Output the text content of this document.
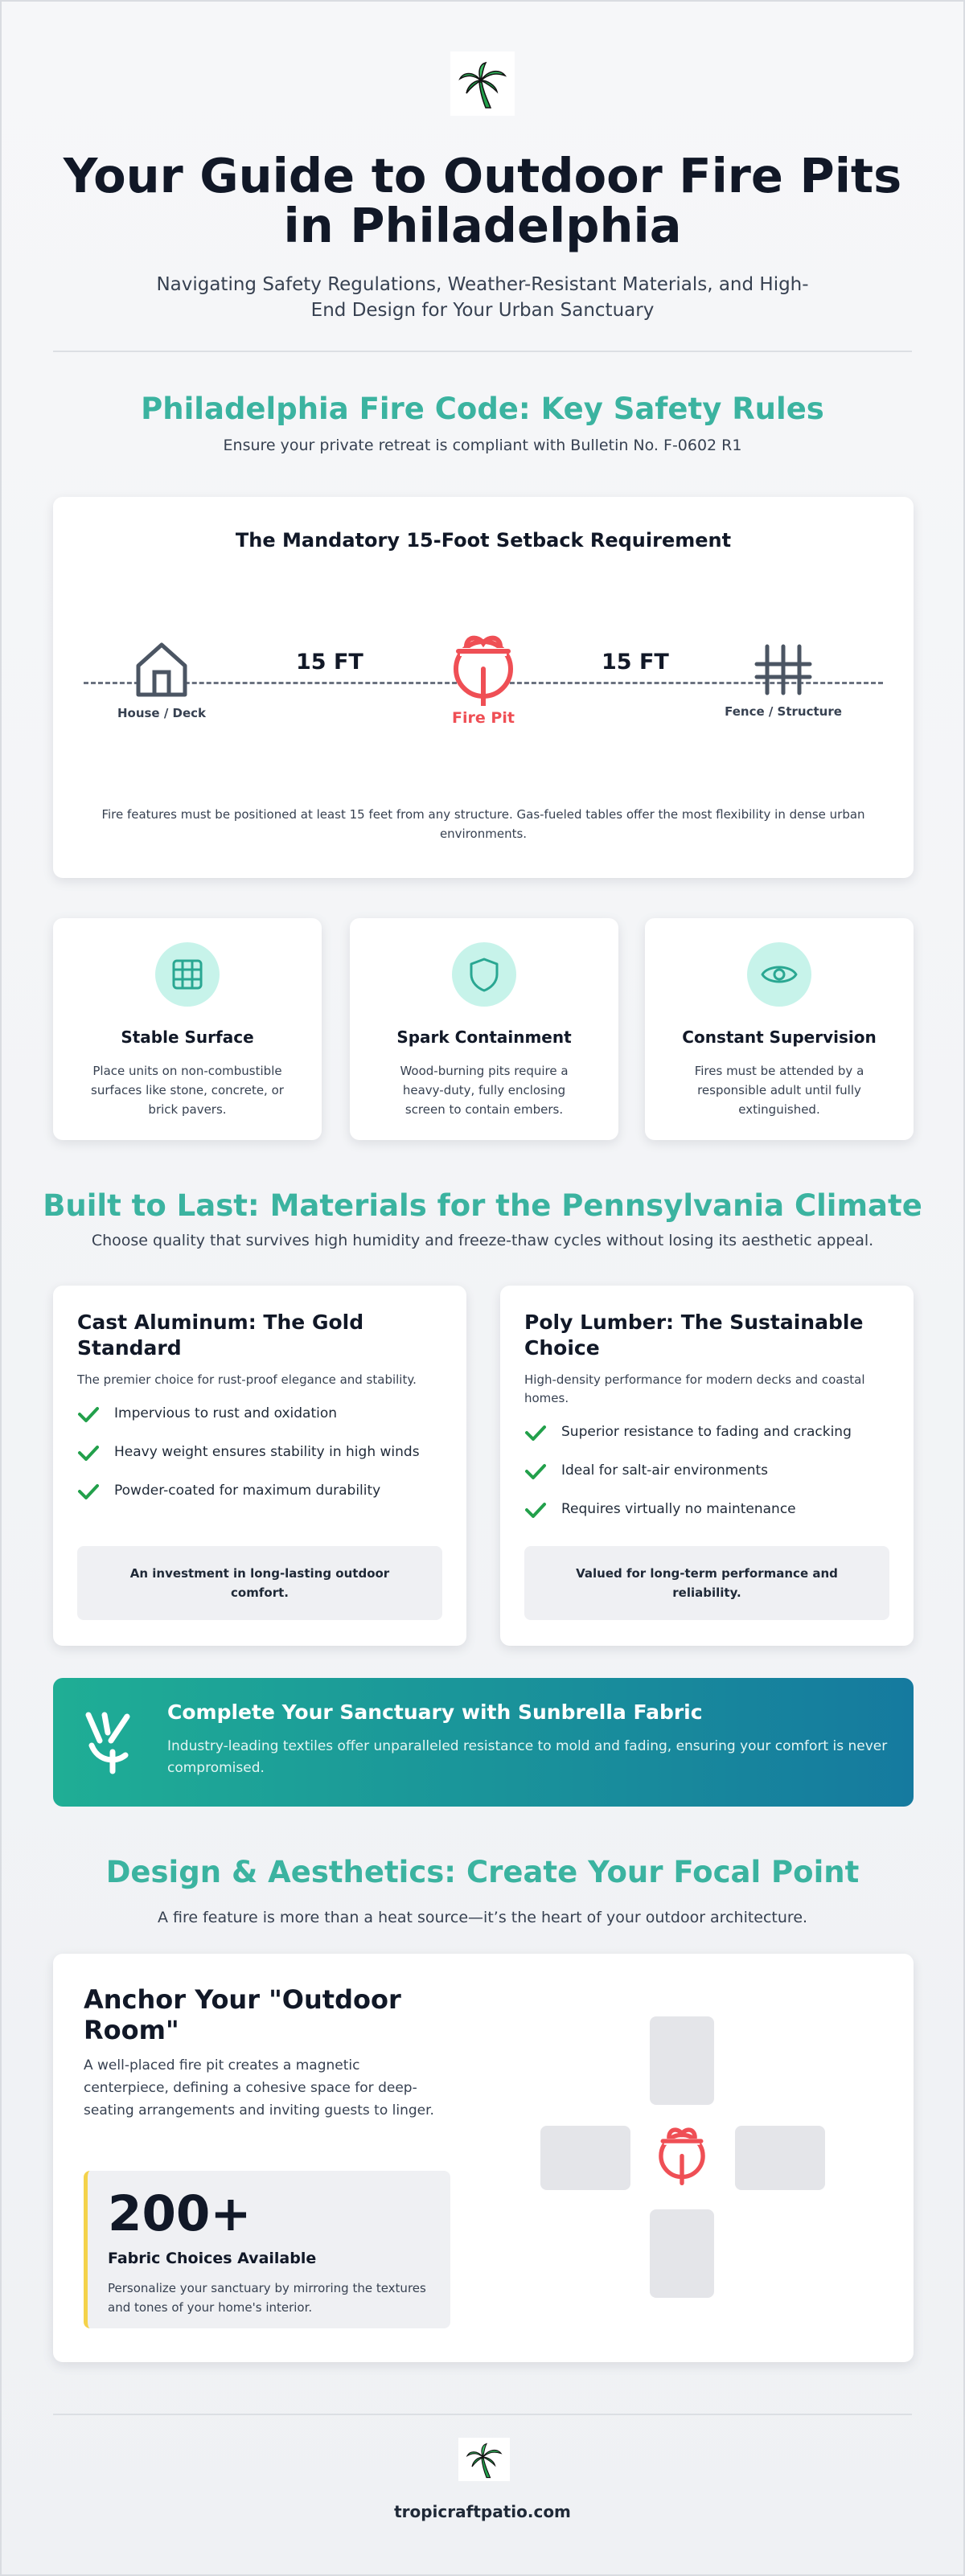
Your Guide to Outdoor Fire Pits in Philadelphia

Navigating Safety Regulations, Weather-Resistant Materials, and High-End Design for Your Urban Sanctuary

Philadelphia Fire Code: Key Safety Rules

Ensure your private retreat is compliant with Bulletin No. F-0602 R1

The Mandatory 15-Foot Setback Requirement
House / Deck
15 FT
Fire Pit
15 FT
Fence / Structure

Fire features must be positioned at least 15 feet from any structure. Gas-fueled tables offer the most flexibility in dense urban environments.

Stable Surface

Place units on non-combustible surfaces like stone, concrete, or brick pavers.

Spark Containment

Wood-burning pits require a heavy-duty, fully enclosing screen to contain embers.

Constant Supervision

Fires must be attended by a responsible adult until fully extinguished.

Built to Last: Materials for the Pennsylvania Climate

Choose quality that survives high humidity and freeze-thaw cycles without losing its aesthetic appeal.

Cast Aluminum: The Gold Standard

The premier choice for rust-proof elegance and stability.

Impervious to rust and oxidation
Heavy weight ensures stability in high winds
Powder-coated for maximum durability
An investment in long-lasting outdoor comfort.
Poly Lumber: The Sustainable Choice

High-density performance for modern decks and coastal homes.

Superior resistance to fading and cracking
Ideal for salt-air environments
Requires virtually no maintenance
Valued for long-term performance and reliability.
Complete Your Sanctuary with Sunbrella Fabric

Industry-leading textiles offer unparalleled resistance to mold and fading, ensuring your comfort is never compromised.

Design & Aesthetics: Create Your Focal Point

A fire feature is more than a heat source—it’s the heart of your outdoor architecture.

Anchor Your "Outdoor Room"

A well-placed fire pit creates a magnetic centerpiece, defining a cohesive space for deep-seating arrangements and inviting guests to linger.

200+
Fabric Choices Available

Personalize your sanctuary by mirroring the textures and tones of your home's interior.

tropicraftpatio.com
